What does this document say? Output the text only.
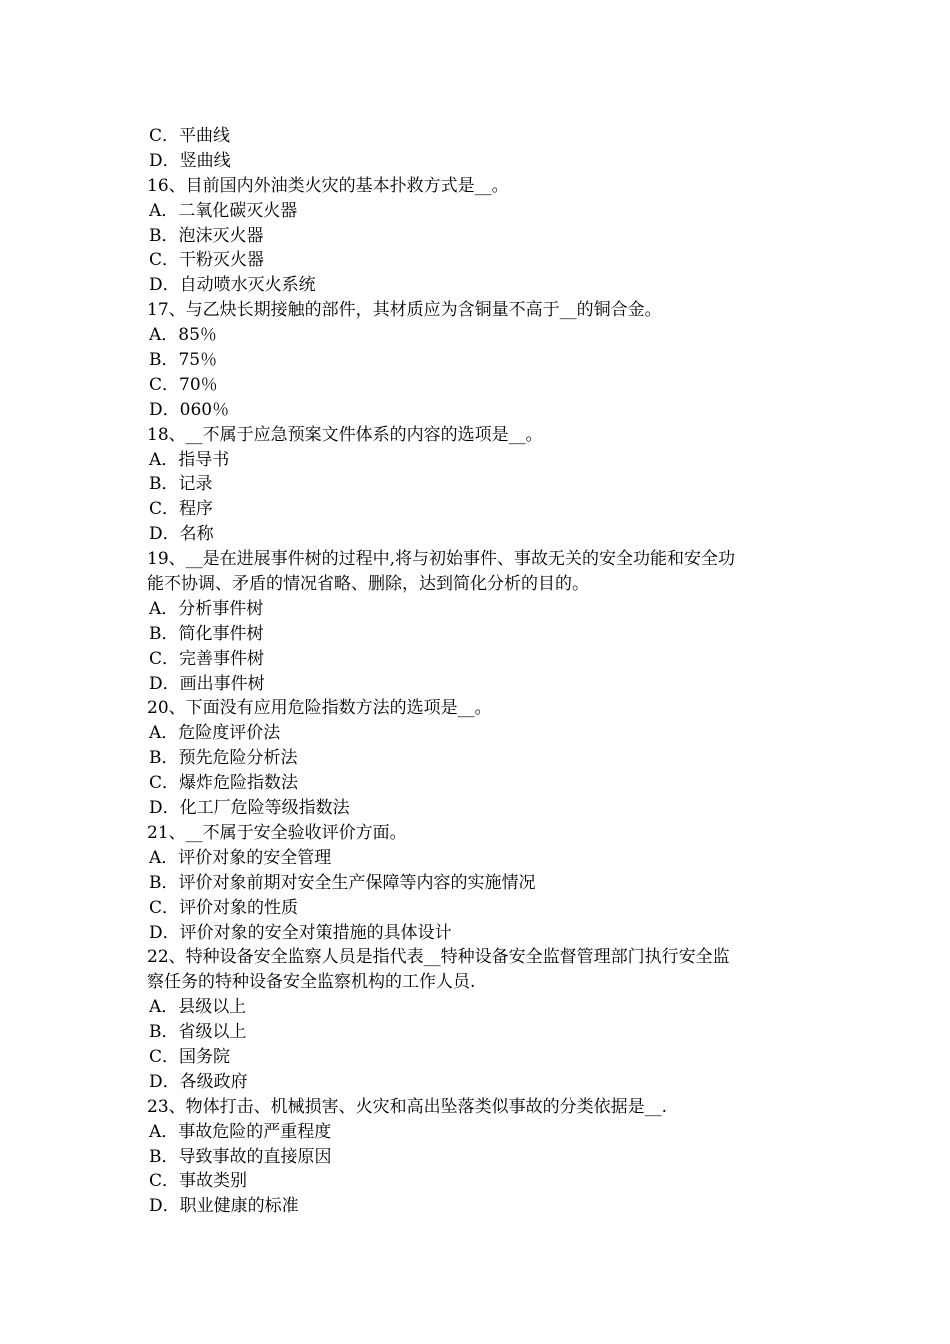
C．平曲线
D．竖曲线
16、目前国内外油类火灾的基本扑救方式是__。
A．二氧化碳灭火器
B．泡沫灭火器
C．干粉灭火器
D．自动喷水灭火系统
17、与乙炔长期接触的部件，其材质应为含铜量不高于__的铜合金。
A．85％
B．75％
C．70％
D．060％
18、__不属于应急预案文件体系的内容的选项是__。
A．指导书
B．记录
C．程序
D．名称
19、__是在进展事件树的过程中,将与初始事件、事故无关的安全功能和安全功
能不协调、矛盾的情况省略、删除，达到简化分析的目的。
A．分析事件树
B．简化事件树
C．完善事件树
D．画出事件树
20、下面没有应用危险指数方法的选项是__。
A．危险度评价法
B．预先危险分析法
C．爆炸危险指数法
D．化工厂危险等级指数法
21、__不属于安全验收评价方面。
A．评价对象的安全管理
B．评价对象前期对安全生产保障等内容的实施情况
C．评价对象的性质
D．评价对象的安全对策措施的具体设计
22、特种设备安全监察人员是指代表__特种设备安全监督管理部门执行安全监
察任务的特种设备安全监察机构的工作人员.
A．县级以上
B．省级以上
C．国务院
D．各级政府
23、物体打击、机械损害、火灾和高出坠落类似事故的分类依据是__.
A．事故危险的严重程度
B．导致事故的直接原因
C．事故类别
D．职业健康的标准
